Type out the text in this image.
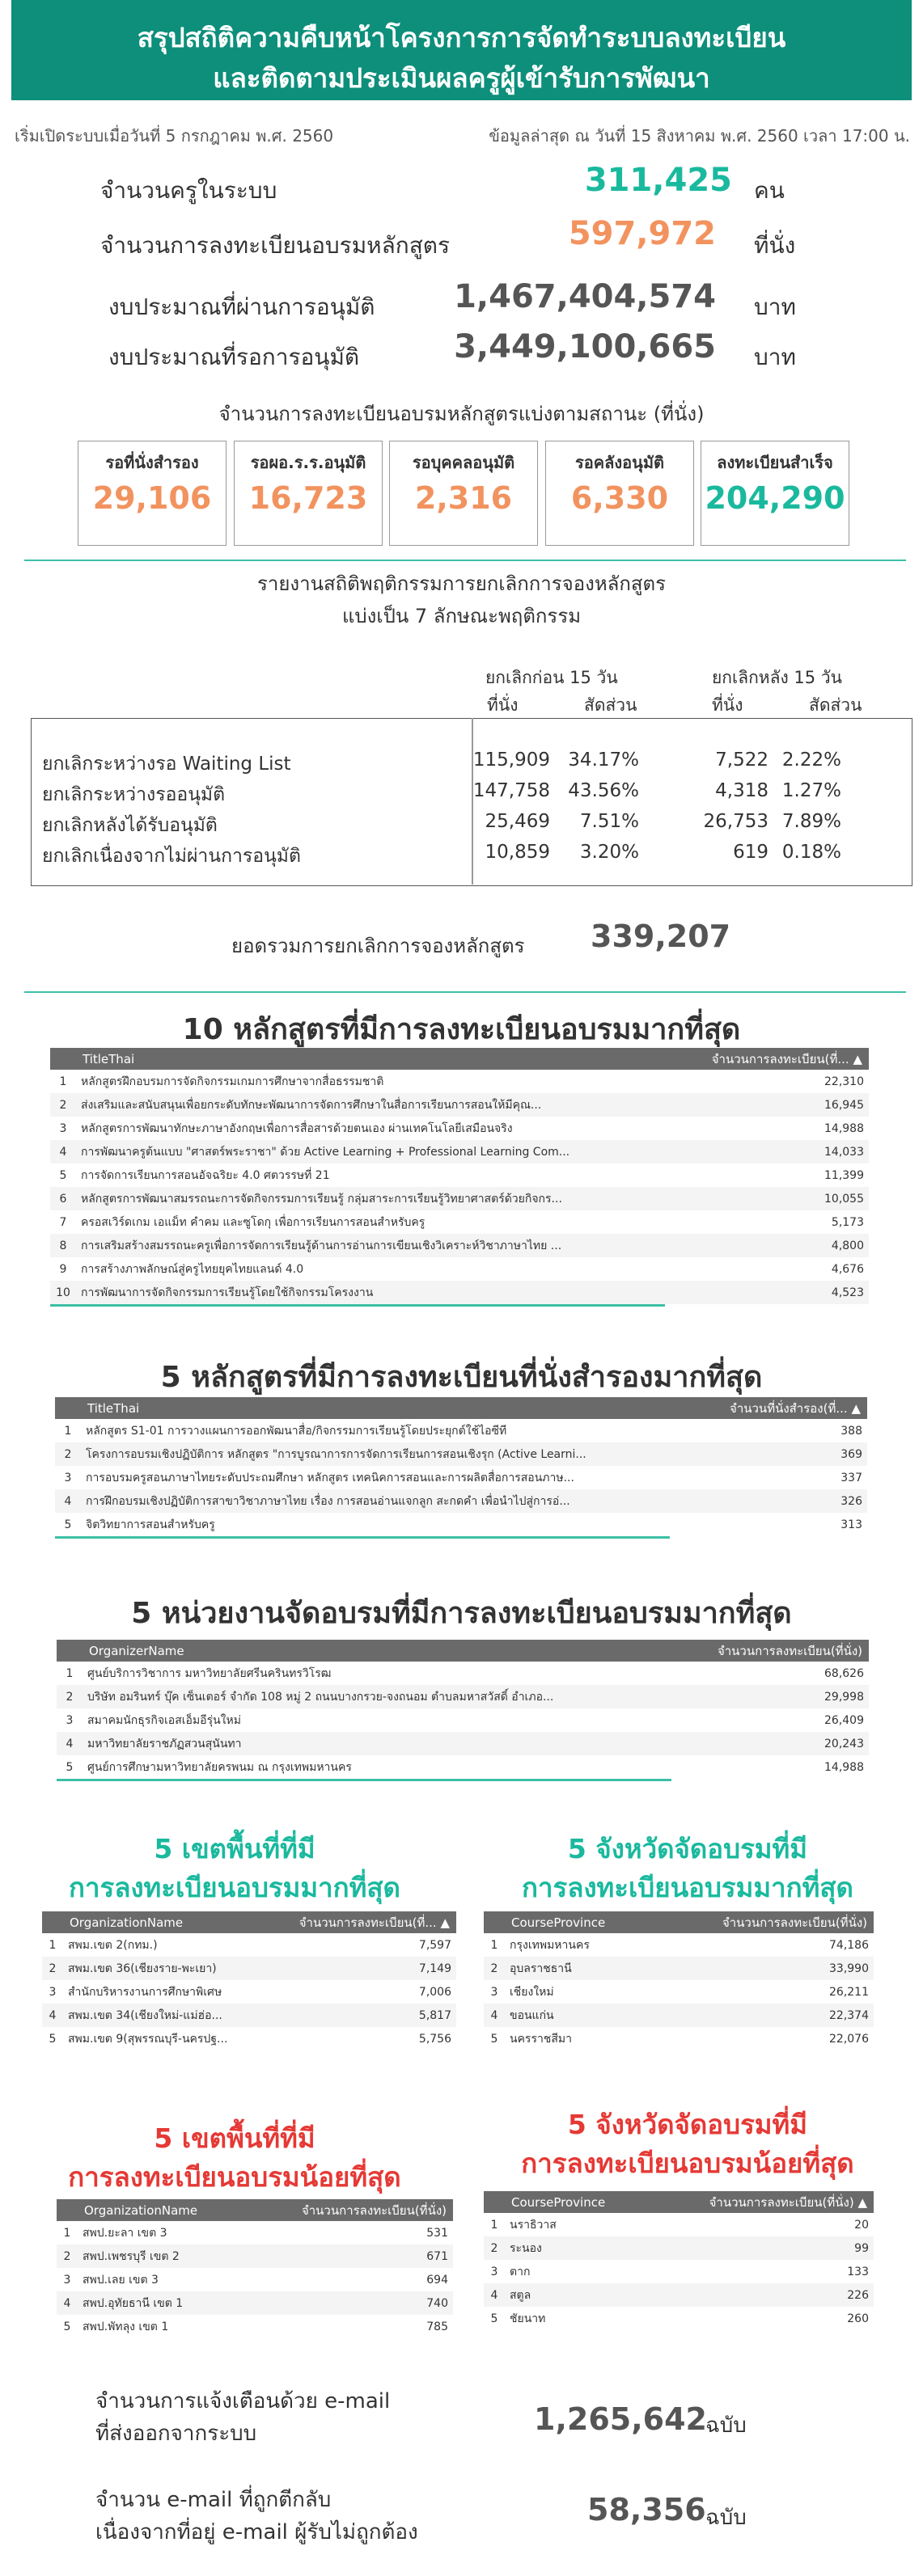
สรุปสถิติความคืบหน้าโครงการการจัดทำระบบลงทะเบียน
และติดตามประเมินผลครูผู้เข้ารับการพัฒนา
เริ่มเปิดระบบเมื่อวันที่ 5 กรกฎาคม พ.ศ. 2560	ข้อมูลล่าสุด ณ วันที่ 15 สิงหาคม พ.ศ. 2560 เวลา 17:00 น.
จำนวนครูในระบบ	311,425 คน
จำนวนการลงทะเบียนอบรมหลักสูตร	597,972 ที่นั่ง
งบประมาณที่ผ่านการอนุมัติ 1,467,404,574 บาท
งบประมาณที่รอการอนุมัติ	3,449,100,665 บาท
จำนวนการลงทะเบียนอบรมหลักสูตรแบ่งตามสถานะ (ที่นั่ง)
รอที่นั่งสำรอง
29,106
รอผอ.ร.ร.อนุมัติ
16,723
รอบุคคลอนุมัติ
2,316
รอคลังอนุมัติ
6,330
ลงทะเบียนสำเร็จ
204,290
รายงานสถิติพฤติกรรมการยกเลิกการจองหลักสูตร
แบ่งเป็น 7 ลักษณะพฤติกรรม
ยกเลิกก่อน 15 วัน	ยกเลิกหลัง 15 วัน
ที่นั่ง	สัดส่วน	ที่นั่ง	สัดส่วน
ยกเลิกระหว่างรอ Waiting List	115,909 34.17%	7,522 2.22%
ยกเลิกระหว่างรออนุมัติ	147,758 43.56%	4,318 1.27%
ยกเลิกหลังได้รับอนุมัติ	25,469	7.51%	26,753 7.89%
ยกเลิกเนื่องจากไม่ผ่านการอนุมัติ	10,859	3.20%	619 0.18%
ยอดรวมการยกเลิกการจองหลักสูตร 339,207
10 หลักสูตรที่มีการลงทะเบียนอบรมมากที่สุด
	TitleThai	จำนวนการลงทะเบียน(ที่... ▲
1	หลักสูตรฝึกอบรมการจัดกิจกรรมเกมการศึกษาจากสื่อธรรมชาติ	22,310
2	ส่งเสริมและสนับสนุนเพื่อยกระดับทักษะพัฒนาการจัดการศึกษาในสื่อการเรียนการสอนให้มีคุณ...	16,945
3	หลักสูตรการพัฒนาทักษะภาษาอังกฤษเพื่อการสื่อสารด้วยตนเอง ผ่านเทคโนโลยีเสมือนจริง	14,988
4	การพัฒนาครูต้นแบบ "ศาสตร์พระราชา" ด้วย Active Learning + Professional Learning Com...	14,033
5	การจัดการเรียนการสอนอัจฉริยะ 4.0 ศตวรรษที่ 21	11,399
6	หลักสูตรการพัฒนาสมรรถนะการจัดกิจกรรมการเรียนรู้ กลุ่มสาระการเรียนรู้วิทยาศาสตร์ด้วยกิจกร...	10,055
7	ครอสเวิร์ดเกม เอแม็ท คำคม และซูโดกุ เพื่อการเรียนการสอนสำหรับครู	5,173
8	การเสริมสร้างสมรรถนะครูเพื่อการจัดการเรียนรู้ด้านการอ่านการเขียนเชิงวิเคราะห์วิชาภาษาไทย ...	4,800
9	การสร้างภาพลักษณ์สู่ครูไทยยุคไทยแลนด์ 4.0	4,676
10	การพัฒนาการจัดกิจกรรมการเรียนรู้โดยใช้กิจกรรมโครงงาน	4,523
5 หลักสูตรที่มีการลงทะเบียนที่นั่งสำรองมากที่สุด
	TitleThai	จำนวนที่นั่งสำรอง(ที่... ▲
1	หลักสูตร S1-01 การวางแผนการออกพัฒนาสื่อ/กิจกรรมการเรียนรู้โดยประยุกต์ใช้ไอซีที	388
2	โครงการอบรมเชิงปฏิบัติการ หลักสูตร "การบูรณาการการจัดการเรียนการสอนเชิงรุก (Active Learni...	369
3	การอบรมครูสอนภาษาไทยระดับประถมศึกษา หลักสูตร เทคนิคการสอนและการผลิตสื่อการสอนภาษ...	337
4	การฝึกอบรมเชิงปฏิบัติการสาขาวิชาภาษาไทย เรื่อง การสอนอ่านแจกลูก สะกดคำ เพื่อนำไปสู่การอ่...	326
5	จิตวิทยาการสอนสำหรับครู	313
5 หน่วยงานจัดอบรมที่มีการลงทะเบียนอบรมมากที่สุด
	OrganizerName	จำนวนการลงทะเบียน(ที่นั่ง)
1	ศูนย์บริการวิชาการ มหาวิทยาลัยศรีนครินทรวิโรฒ	68,626
2	บริษัท อมรินทร์ บุ๊ค เซ็นเตอร์ จำกัด 108 หมู่ 2 ถนนบางกรวย-จงถนอม ตำบลมหาสวัสดิ์ อำเภอ...	29,998
3	สมาคมนักธุรกิจเอสเอ็มอีรุ่นใหม่	26,409
4	มหาวิทยาลัยราชภัฏสวนสุนันทา	20,243
5	ศูนย์การศึกษามหาวิทยาลัยครพนม ณ กรุงเทพมหานคร	14,988
5 เขตพื้นที่ที่มี
การลงทะเบียนอบรมมากที่สุด
	OrganizationName	จำนวนการลงทะเบียน(ที่... ▲
1	สพม.เขต 2(กทม.)	7,597
2	สพม.เขต 36(เชียงราย-พะเยา)	7,149
3	สำนักบริหารงานการศึกษาพิเศษ	7,006
4	สพม.เขต 34(เชียงใหม่-แม่ฮ่อ...	5,817
5	สพม.เขต 9(สุพรรณบุรี-นครปฐ...	5,756
5 จังหวัดจัดอบรมที่มี
การลงทะเบียนอบรมมากที่สุด
	CourseProvince	จำนวนการลงทะเบียน(ที่นั่ง)
1	กรุงเทพมหานคร	74,186
2	อุบลราชธานี	33,990
3	เชียงใหม่	26,211
4	ขอนแก่น	22,374
5	นครราชสีมา	22,076
5 เขตพื้นที่ที่มี
การลงทะเบียนอบรมน้อยที่สุด
	OrganizationName	จำนวนการลงทะเบียน(ที่นั่ง)
1	สพป.ยะลา เขต 3	531
2	สพป.เพชรบุรี เขต 2	671
3	สพป.เลย เขต 3	694
4	สพป.อุทัยธานี เขต 1	740
5	สพป.พัทลุง เขต 1	785
5 จังหวัดจัดอบรมที่มี
การลงทะเบียนอบรมน้อยที่สุด
	CourseProvince	จำนวนการลงทะเบียน(ที่นั่ง) ▲
1	นราธิวาส	20
2	ระนอง	99
3	ตาก	133
4	สตูล	226
5	ชัยนาท	260
จำนวนการแจ้งเตือนด้วย e-mail
ที่ส่งออกจากระบบ	1,265,642
ฉบับ
จำนวน e-mail ที่ถูกตีกลับ
เนื่องจากที่อยู่ e-mail ผู้รับไม่ถูกต้อง
58,356 ฉบับ
